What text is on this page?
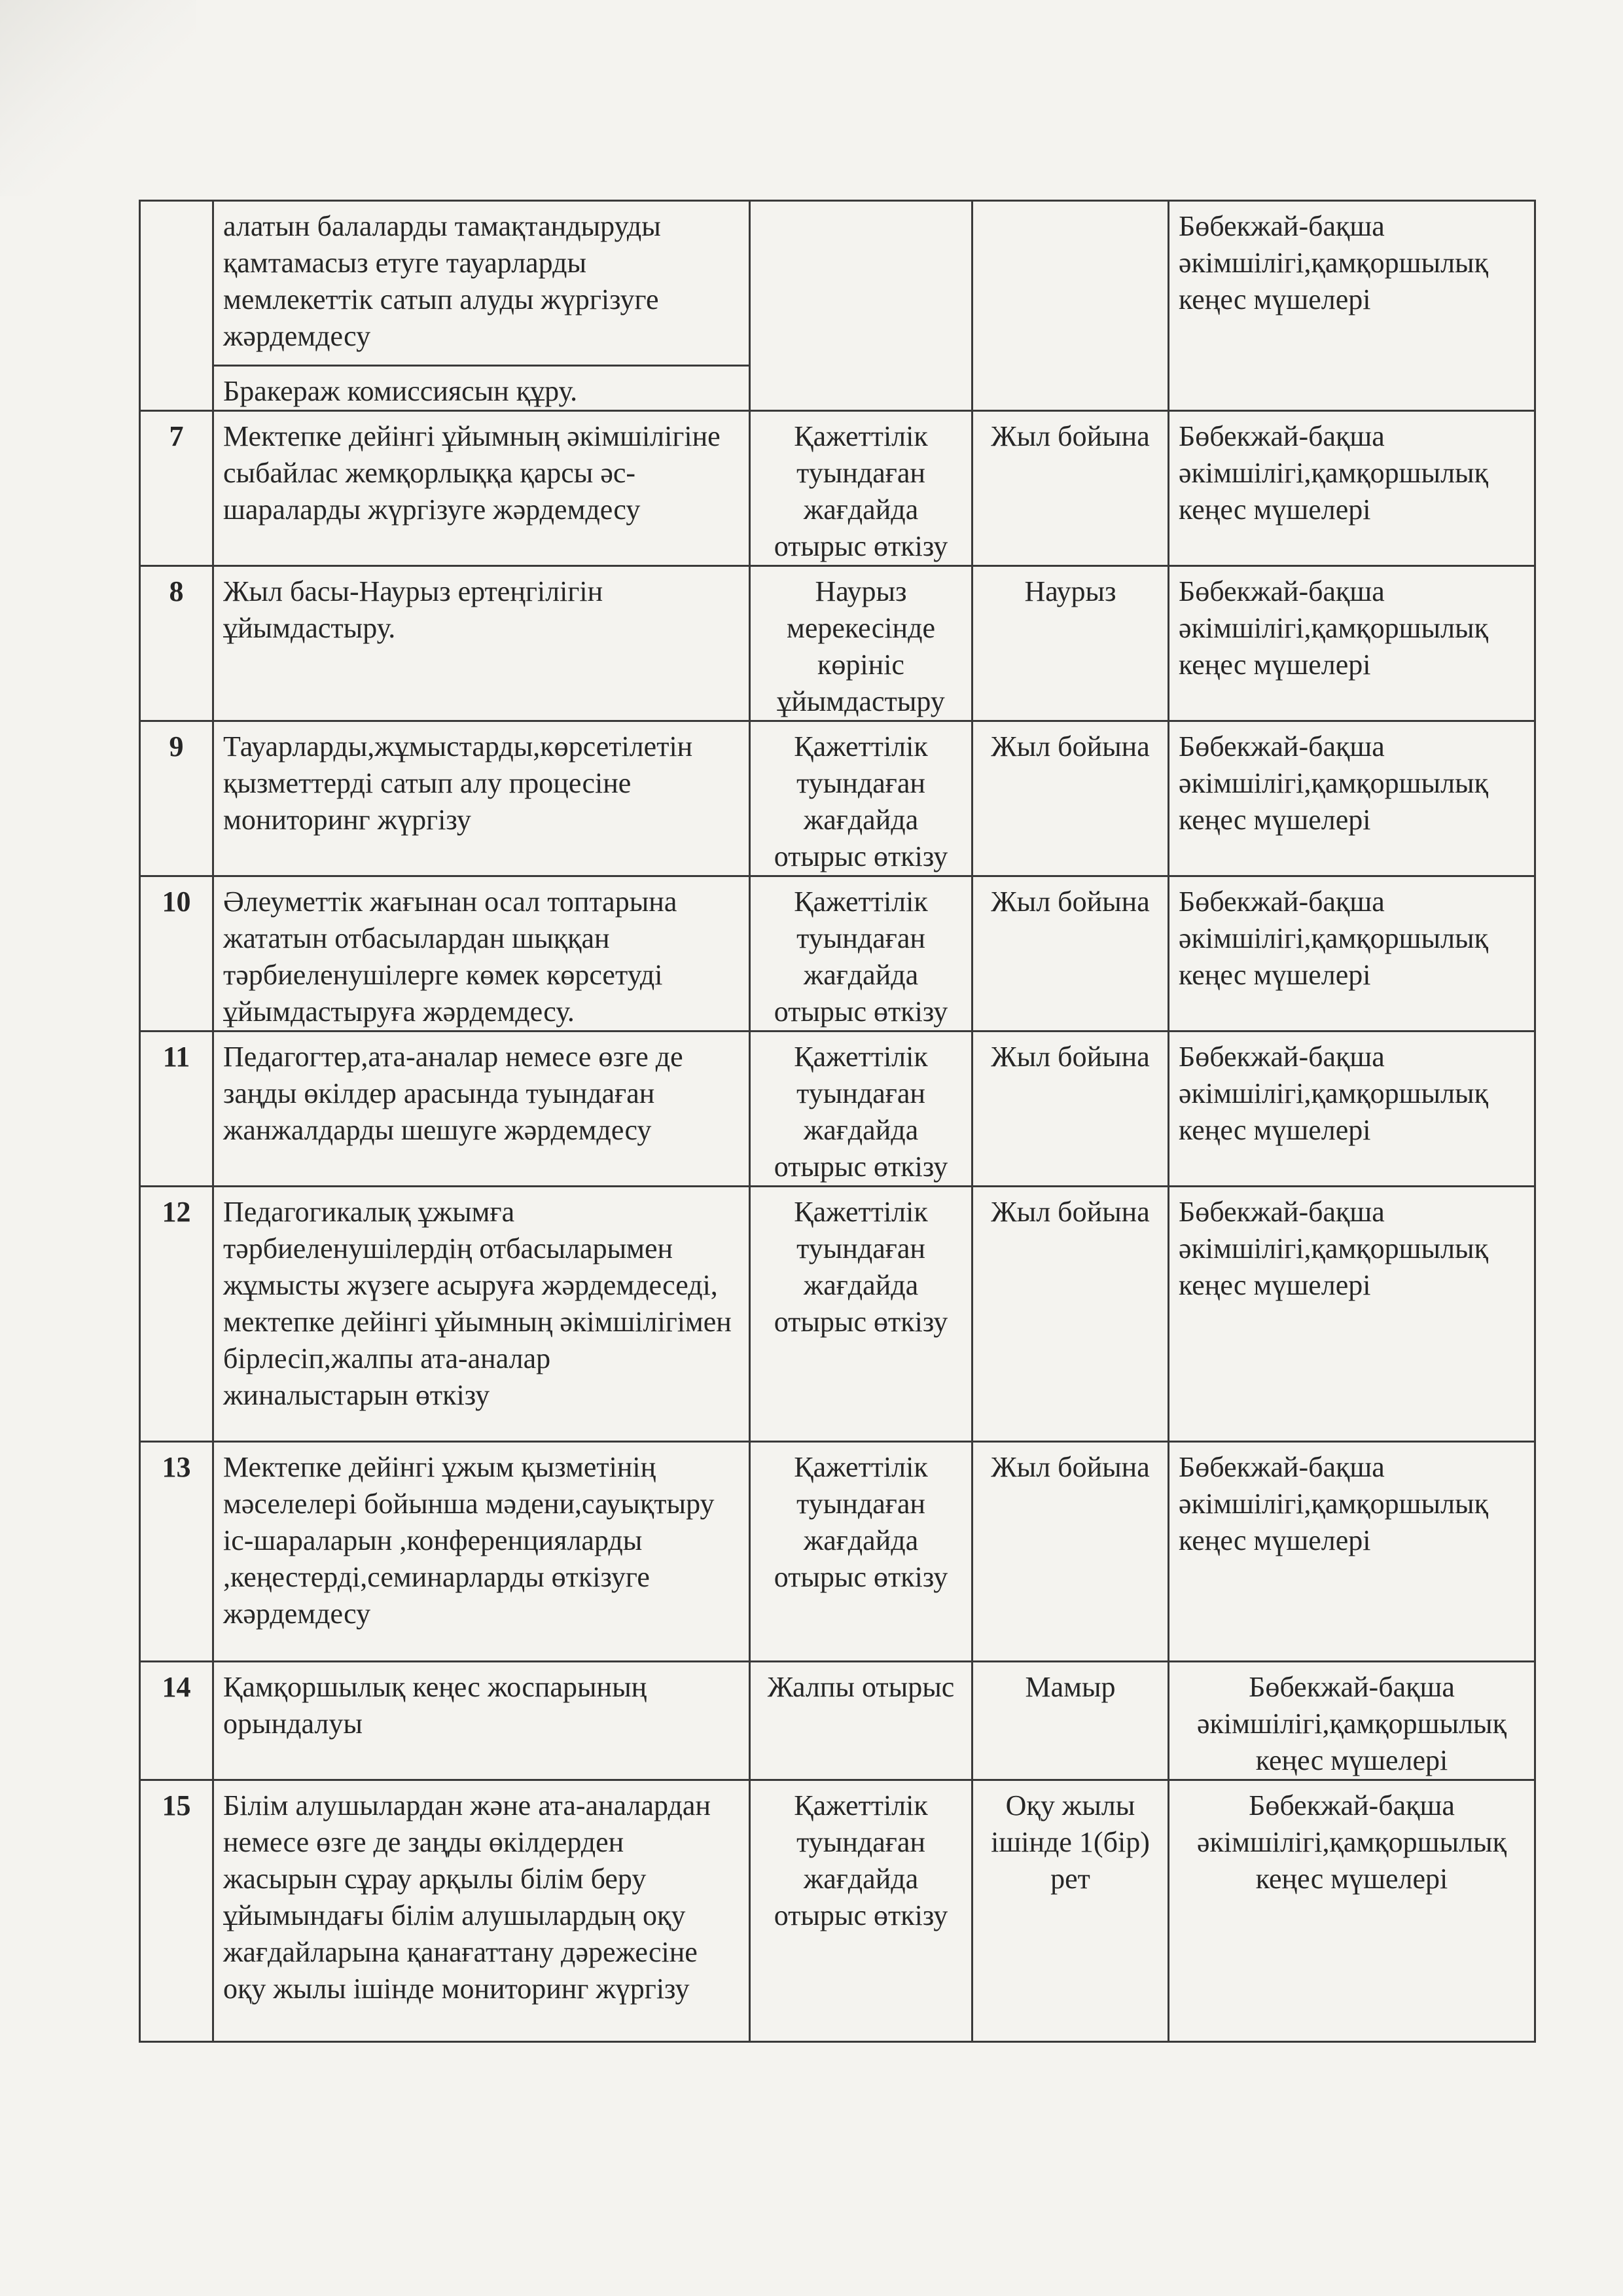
	алатын балаларды тамақтандыруды қамтамасыз етуге тауарларды мемлекеттік сатып алуды жүргізуге жәрдемдесу			Бөбекжай-бақша әкімшілігі,қамқоршылық кеңес мүшелері
	Бракераж комиссиясын құру.			
7	Мектепке дейінгі ұйымның әкімшілігіне сыбайлас жемқорлыққа қарсы әс-шараларды жүргізуге жәрдемдесу	Қажеттілік туындаған жағдайда отырыс өткізу	Жыл бойына	Бөбекжай-бақша әкімшілігі,қамқоршылық кеңес мүшелері
8	Жыл басы-Наурыз ертеңгілігін ұйымдастыру.	Наурыз мерекесінде көрініс ұйымдастыру	Наурыз	Бөбекжай-бақша әкімшілігі,қамқоршылық кеңес мүшелері
9	Тауарларды,жұмыстарды,көрсетілетін қызметтерді сатып алу процесіне мониторинг жүргізу	Қажеттілік туындаған жағдайда отырыс өткізу	Жыл бойына	Бөбекжай-бақша әкімшілігі,қамқоршылық кеңес мүшелері
10	Әлеуметтік жағынан осал топтарына жататын отбасылардан шыққан тәрбиеленушілерге көмек көрсетуді ұйымдастыруға жәрдемдесу.	Қажеттілік туындаған жағдайда отырыс өткізу	Жыл бойына	Бөбекжай-бақша әкімшілігі,қамқоршылық кеңес мүшелері
11	Педагогтер,ата-аналар немесе өзге де заңды өкілдер арасында туындаған жанжалдарды шешуге жәрдемдесу	Қажеттілік туындаған жағдайда отырыс өткізу	Жыл бойына	Бөбекжай-бақша әкімшілігі,қамқоршылық кеңес мүшелері
12	Педагогикалық ұжымға тәрбиеленушілердің отбасыларымен жұмысты жүзеге асыруға жәрдемдеседі, мектепке дейінгі ұйымның әкімшілігімен бірлесіп,жалпы ата-аналар жиналыстарын өткізу	Қажеттілік туындаған жағдайда отырыс өткізу	Жыл бойына	Бөбекжай-бақша әкімшілігі,қамқоршылық кеңес мүшелері
13	Мектепке дейінгі ұжым қызметінің мәселелері бойынша мәдени,сауықтыру іс-шараларын ,конференцияларды ,кеңестерді,семинарларды өткізуге жәрдемдесу	Қажеттілік туындаған жағдайда отырыс өткізу	Жыл бойына	Бөбекжай-бақша әкімшілігі,қамқоршылық кеңес мүшелері
14	Қамқоршылық кеңес жоспарының орындалуы	Жалпы отырыс	Мамыр	Бөбекжай-бақша әкімшілігі,қамқоршылық кеңес мүшелері
15	Білім алушылардан және ата-аналардан немесе өзге де заңды өкілдерден жасырын сұрау арқылы білім беру ұйымындағы білім алушылардың оқу жағдайларына қанағаттану дәрежесіне оқу жылы ішінде мониторинг жүргізу	Қажеттілік туындаған жағдайда отырыс өткізу	Оқу жылы ішінде 1(бір) рет	Бөбекжай-бақша әкімшілігі,қамқоршылық кеңес мүшелері
